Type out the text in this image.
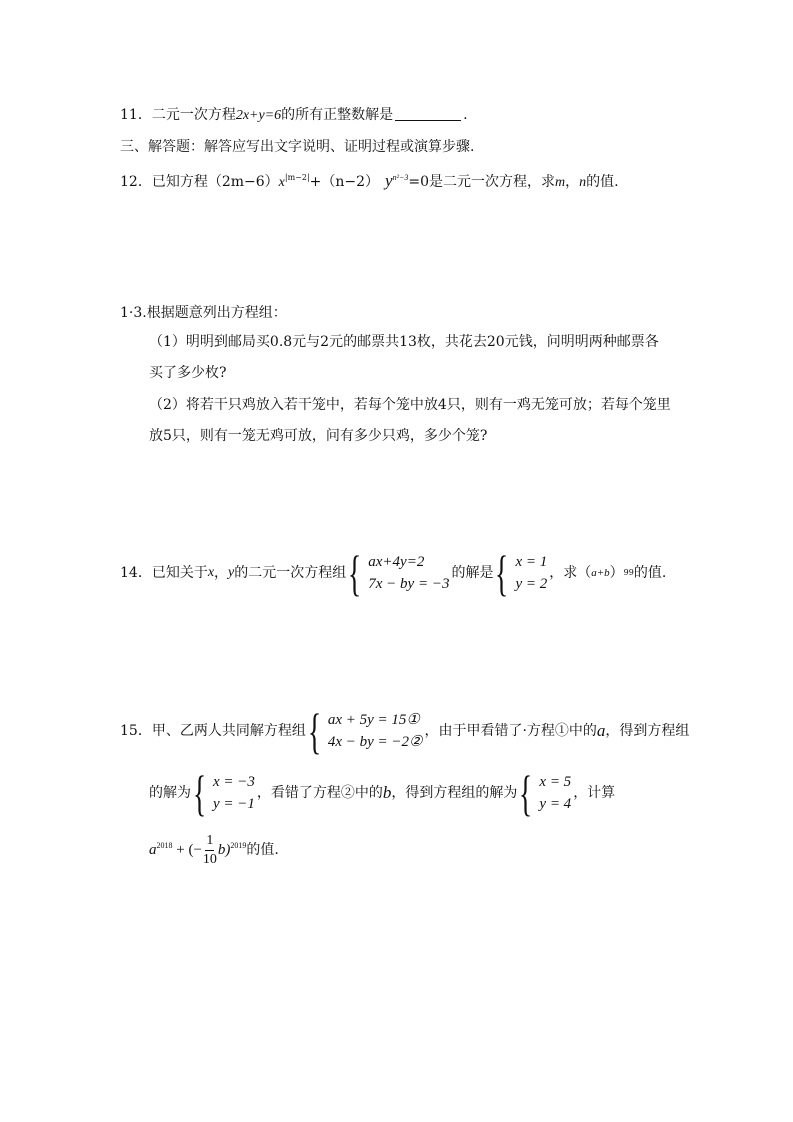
11．二元一次方程2x+y=6的所有正整数解是	.
三、解答题：解答应写出文字说明、证明过程或演算步骤.
12．已知方程$(2m-6)x^{|m-2|}+(n-2)$ $y^{n^2-3}=0$是二元一次方程，求m，n的值.
1·3.根据题意列出方程组：
（1）明明到邮局买0.8元与2元的邮票共13枚，共花去20元钱，问明明两种邮票各
买了多少枚?
（2）将若干只鸡放入若干笼中，若每个笼中放4只，则有一鸡无笼可放；若每个笼里
放5只，则有一笼无鸡可放，问有多少只鸡，多少个笼?
14． 已知关于 x ， y 的二元一次方程组 { ax+4y=2
7x − by = −3
的解是 { x = 1
y = 2
，求（ a+b ） 99 的值.
15． 甲、乙两人共同解方程组 { ax + 5y = 15①
4x − by = −2②
，由于甲看错了·方程①中的 a ，得到方程组
的解为 { x = −3
y = −1
，看错了方程②中的 b ，得到方程组的解为 { x = 5
y = 4
，计算
$a^{2018}$ + (− $\frac{1}{10} b)^{2019}$ 的值.
